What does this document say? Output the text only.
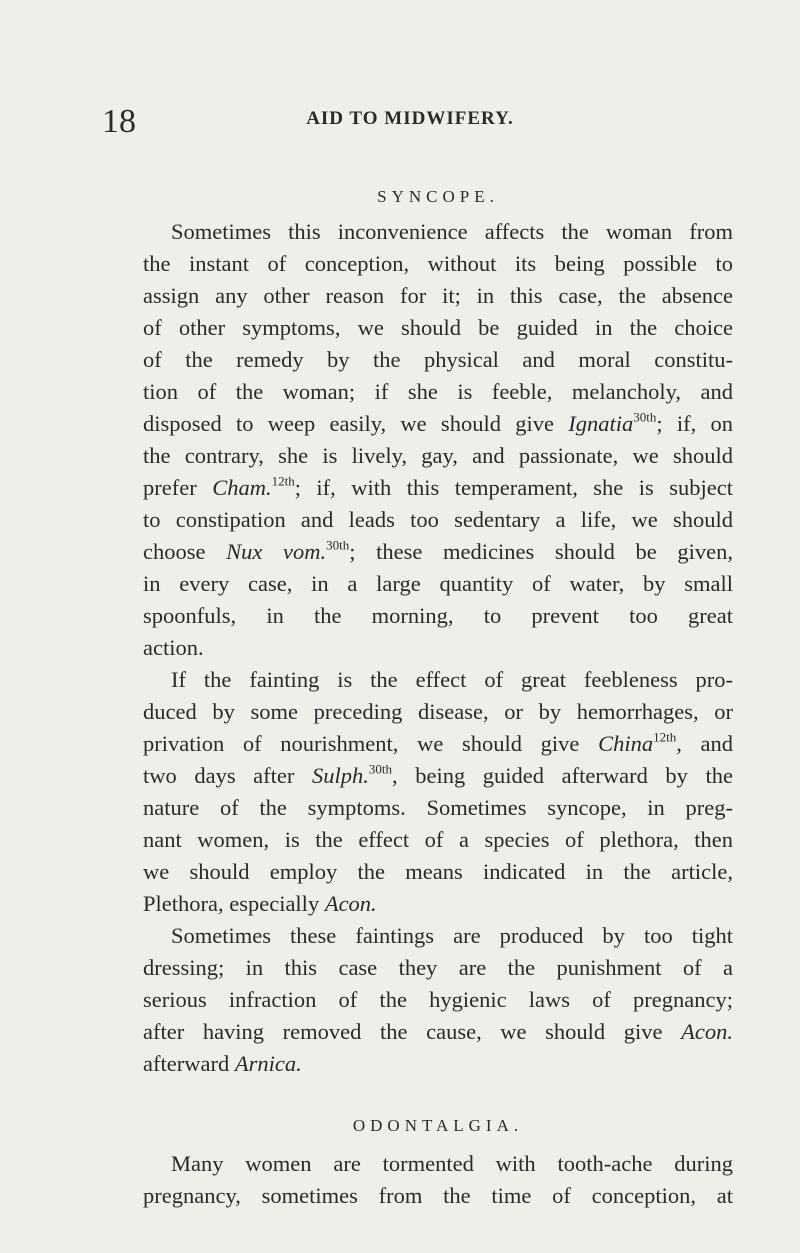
18	AID TO MIDWIFERY.
SYNCOPE.
Sometimes this inconvenience affects the woman from
the instant of conception, without its being possible to
assign any other reason for it; in this case, the absence
of other symptoms, we should be guided in the choice
of the remedy by the physical and moral constitu-
tion of the woman; if she is feeble, melancholy, and
disposed to weep easily, we should give Ignatia$^{30th}$; if, on
the contrary, she is lively, gay, and passionate, we should
prefer Cham.$^{12th}$; if, with this temperament, she is subject
to constipation and leads too sedentary a life, we should
choose Nux vom.$^{30th}$; these medicines should be given,
in every case, in a large quantity of water, by small
spoonfuls, in the morning, to prevent too great
action.
If the fainting is the effect of great feebleness pro-
duced by some preceding disease, or by hemorrhages, or
privation of nourishment, we should give China$^{12th}$, and
two days after Sulph.$^{30th}$, being guided afterward by the
nature of the symptoms. Sometimes syncope, in preg-
nant women, is the effect of a species of plethora, then
we should employ the means indicated in the article,
Plethora, especially Acon.
Sometimes these faintings are produced by too tight
dressing; in this case they are the punishment of a
serious infraction of the hygienic laws of pregnancy;
after having removed the cause, we should give Acon.
afterward Arnica.
ODONTALGIA.
Many women are tormented with tooth-ache during
pregnancy, sometimes from the time of conception, at
